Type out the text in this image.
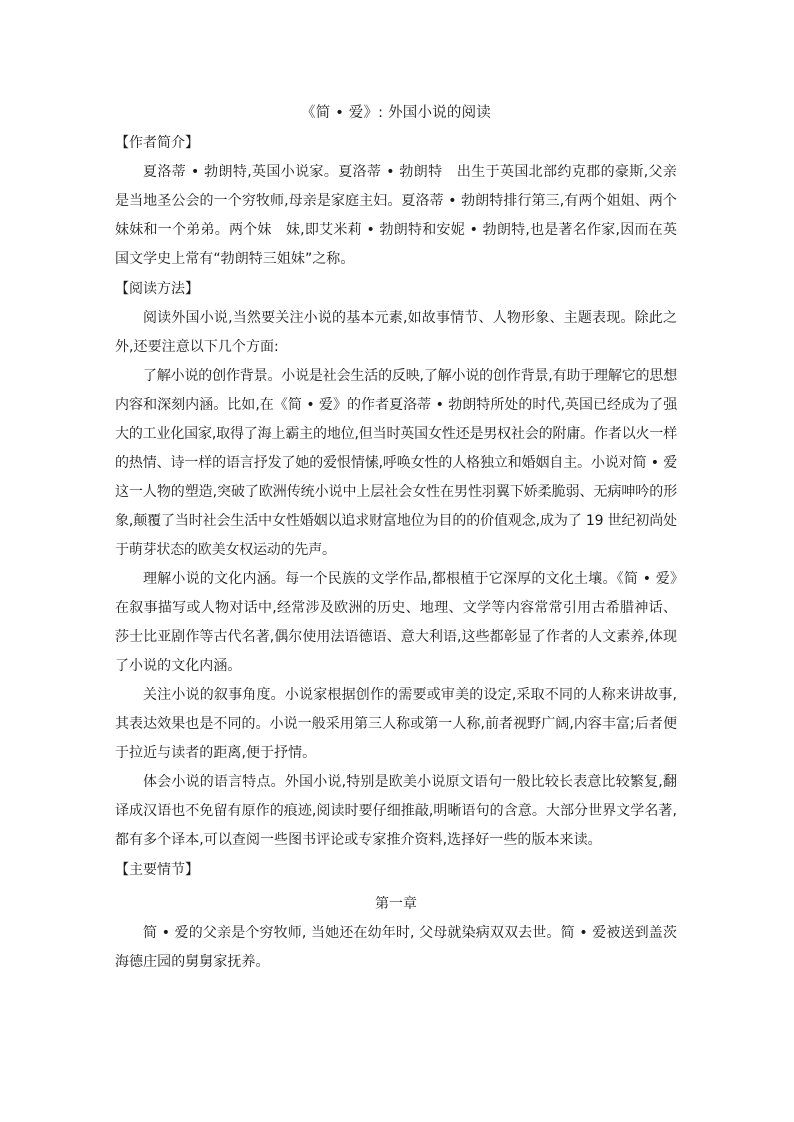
《简 • 爱》: 外国小说的阅读
【作者简介】

夏洛蒂 • 勃朗特,英国小说家。夏洛蒂 • 勃朗特　出生于英国北部约克郡的豪斯,父亲是当地圣公会的一个穷牧师,母亲是家庭主妇。夏洛蒂 • 勃朗特排行第三,有两个姐姐、两个妹妹和一个弟弟。两个妹　妹,即艾米莉 • 勃朗特和安妮 • 勃朗特,也是著名作家,因而在英国文学史上常有“勃朗特三姐妹”之称。

【阅读方法】

阅读外国小说,当然要关注小说的基本元素,如故事情节、人物形象、主题表现。除此之外,还要注意以下几个方面:

了解小说的创作背景。小说是社会生活的反映,了解小说的创作背景,有助于理解它的思想内容和深刻内涵。比如,在《简 • 爱》的作者夏洛蒂 • 勃朗特所处的时代,英国已经成为了强大的工业化国家,取得了海上霸主的地位,但当时英国女性还是男权社会的附庸。作者以火一样的热情、诗一样的语言抒发了她的爱恨情愫,呼唤女性的人格独立和婚姻自主。小说对简 • 爱这一人物的塑造,突破了欧洲传统小说中上层社会女性在男性羽翼下娇柔脆弱、无病呻吟的形象,颠覆了当时社会生活中女性婚姻以追求财富地位为目的的价值观念,成为了 19 世纪初尚处于萌芽状态的欧美女权运动的先声。

理解小说的文化内涵。每一个民族的文学作品,都根植于它深厚的文化土壤。《简 • 爱》在叙事描写或人物对话中,经常涉及欧洲的历史、地理、文学等内容常常引用古希腊神话、莎士比亚剧作等古代名著,偶尔使用法语德语、意大利语,这些都彰显了作者的人文素养,体现了小说的文化内涵。

关注小说的叙事角度。小说家根据创作的需要或审美的设定,采取不同的人称来讲故事,其表达效果也是不同的。小说一般采用第三人称或第一人称,前者视野广阔,内容丰富;后者便于拉近与读者的距离,便于抒情。

体会小说的语言特点。外国小说,特别是欧美小说原文语句一般比较长表意比较繁复,翻译成汉语也不免留有原作的痕迹,阅读时要仔细推敲,明晰语句的含意。大部分世界文学名著,都有多个译本,可以查阅一些图书评论或专家推介资料,选择好一些的版本来读。

【主要情节】
第一章

简 • 爱的父亲是个穷牧师, 当她还在幼年时, 父母就染病双双去世。简 • 爱被送到盖茨海德庄园的舅舅家抚养。
